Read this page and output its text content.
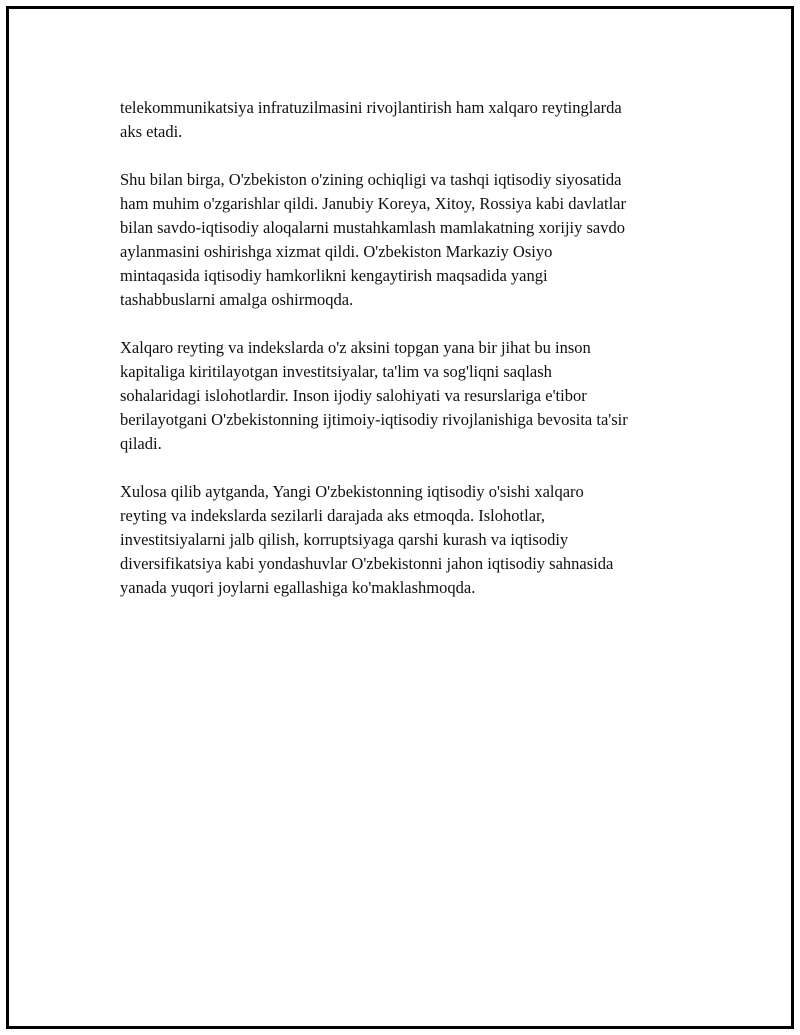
telekommunikatsiya infratuzilmasini rivojlantirish ham xalqaro reytinglarda
aks etadi.

Shu bilan birga, O'zbekiston o'zining ochiqligi va tashqi iqtisodiy siyosatida
ham muhim o'zgarishlar qildi. Janubiy Koreya, Xitoy, Rossiya kabi davlatlar
bilan savdo-iqtisodiy aloqalarni mustahkamlash mamlakatning xorijiy savdo
aylanmasini oshirishga xizmat qildi. O'zbekiston Markaziy Osiyo
mintaqasida iqtisodiy hamkorlikni kengaytirish maqsadida yangi
tashabbuslarni amalga oshirmoqda.

Xalqaro reyting va indekslarda o'z aksini topgan yana bir jihat bu inson
kapitaliga kiritilayotgan investitsiyalar, ta'lim va sog'liqni saqlash
sohalaridagi islohotlardir. Inson ijodiy salohiyati va resurslariga e'tibor
berilayotgani O'zbekistonning ijtimoiy-iqtisodiy rivojlanishiga bevosita ta'sir
qiladi.

Xulosa qilib aytganda, Yangi O'zbekistonning iqtisodiy o'sishi xalqaro
reyting va indekslarda sezilarli darajada aks etmoqda. Islohotlar,
investitsiyalarni jalb qilish, korruptsiyaga qarshi kurash va iqtisodiy
diversifikatsiya kabi yondashuvlar O'zbekistonni jahon iqtisodiy sahnasida
yanada yuqori joylarni egallashiga ko'maklashmoqda.
